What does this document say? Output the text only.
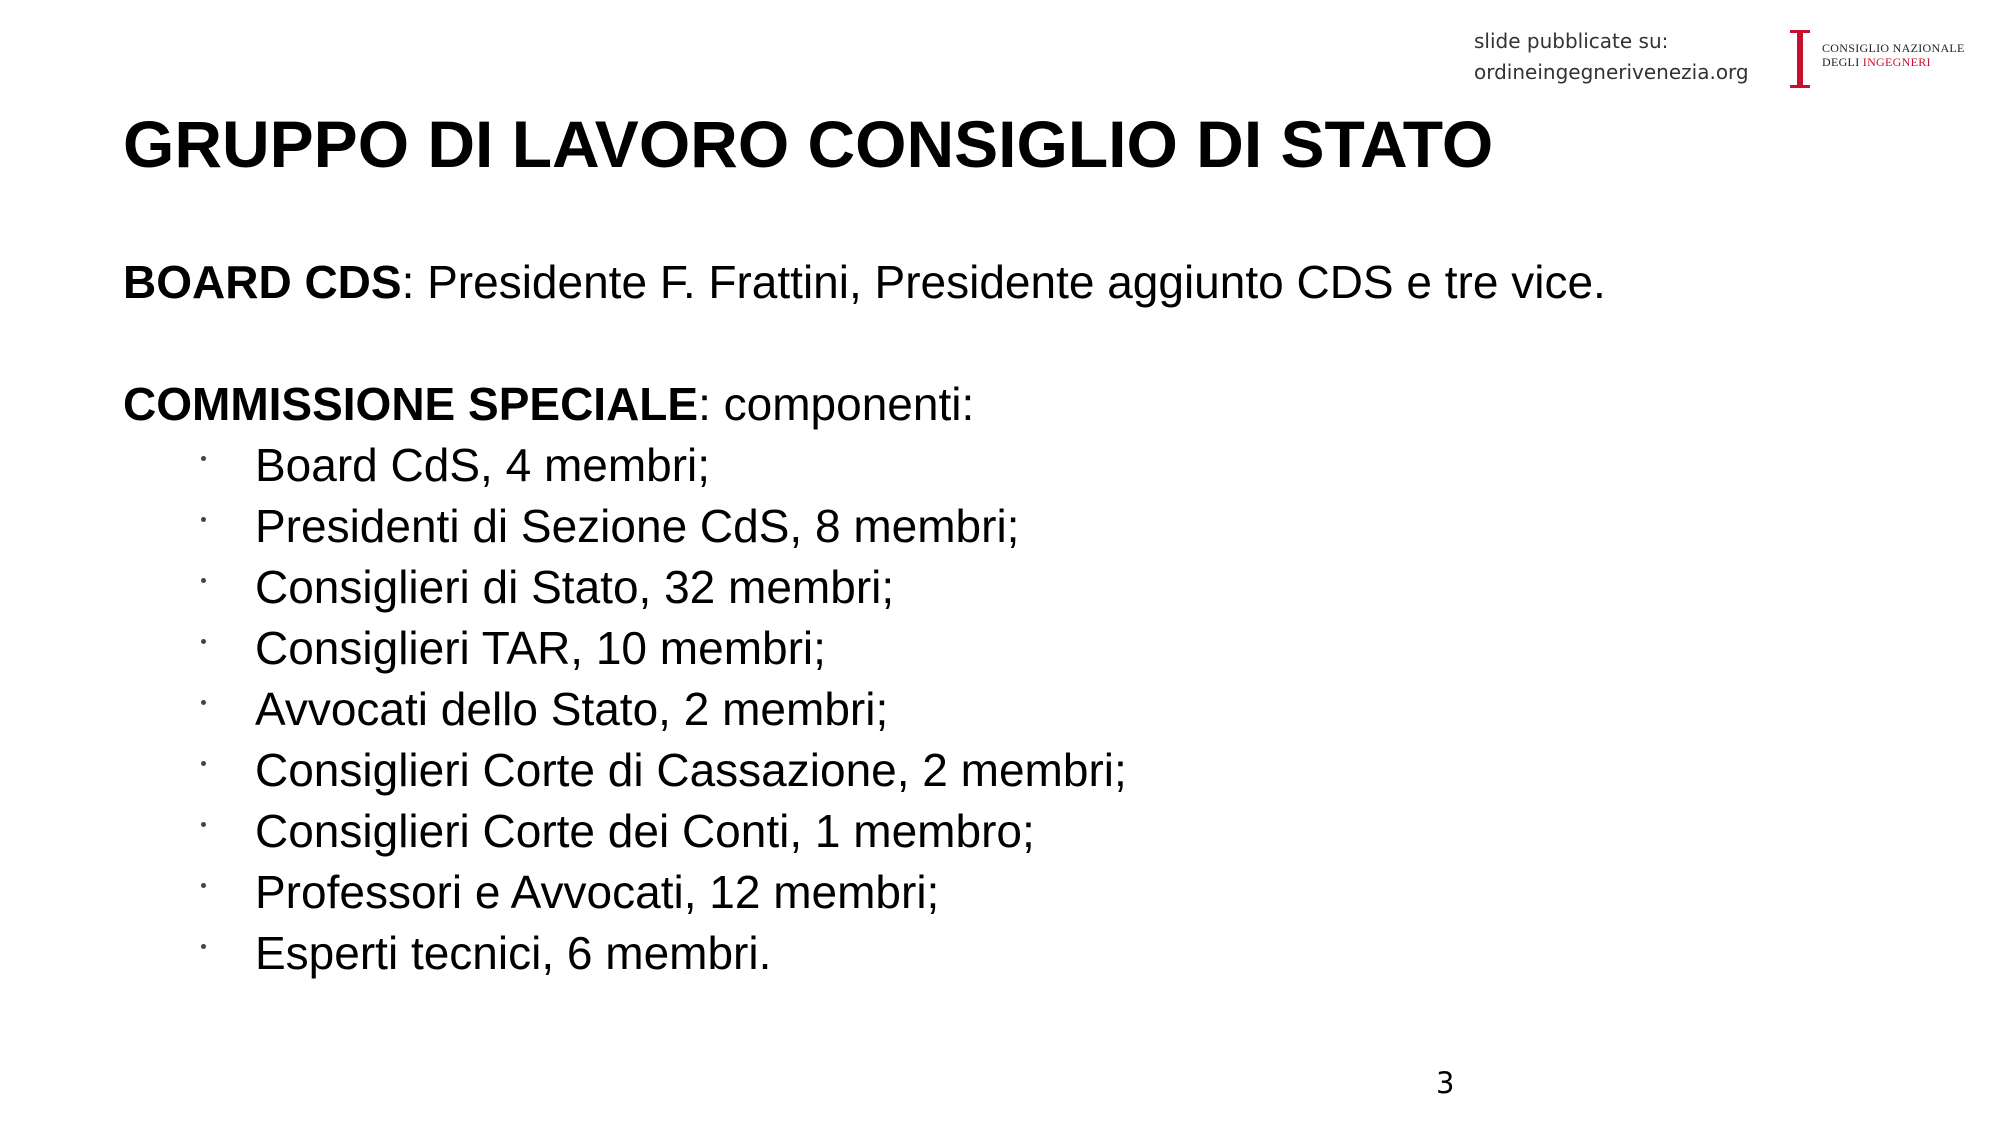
slide pubblicate su:
ordineingegnerivenezia.org
CONSIGLIO NAZIONALE
DEGLI INGEGNERI
GRUPPO DI LAVORO CONSIGLIO DI STATO

BOARD CDS: Presidente F. Frattini, Presidente aggiunto CDS e tre vice.

COMMISSIONE SPECIALE: componenti:

Board CdS, 4 membri;
Presidenti di Sezione CdS, 8 membri;
Consiglieri di Stato, 32 membri;
Consiglieri TAR, 10 membri;
Avvocati dello Stato, 2 membri;
Consiglieri Corte di Cassazione, 2 membri;
Consiglieri Corte dei Conti, 1 membro;
Professori e Avvocati, 12 membri;
Esperti tecnici, 6 membri.
3
